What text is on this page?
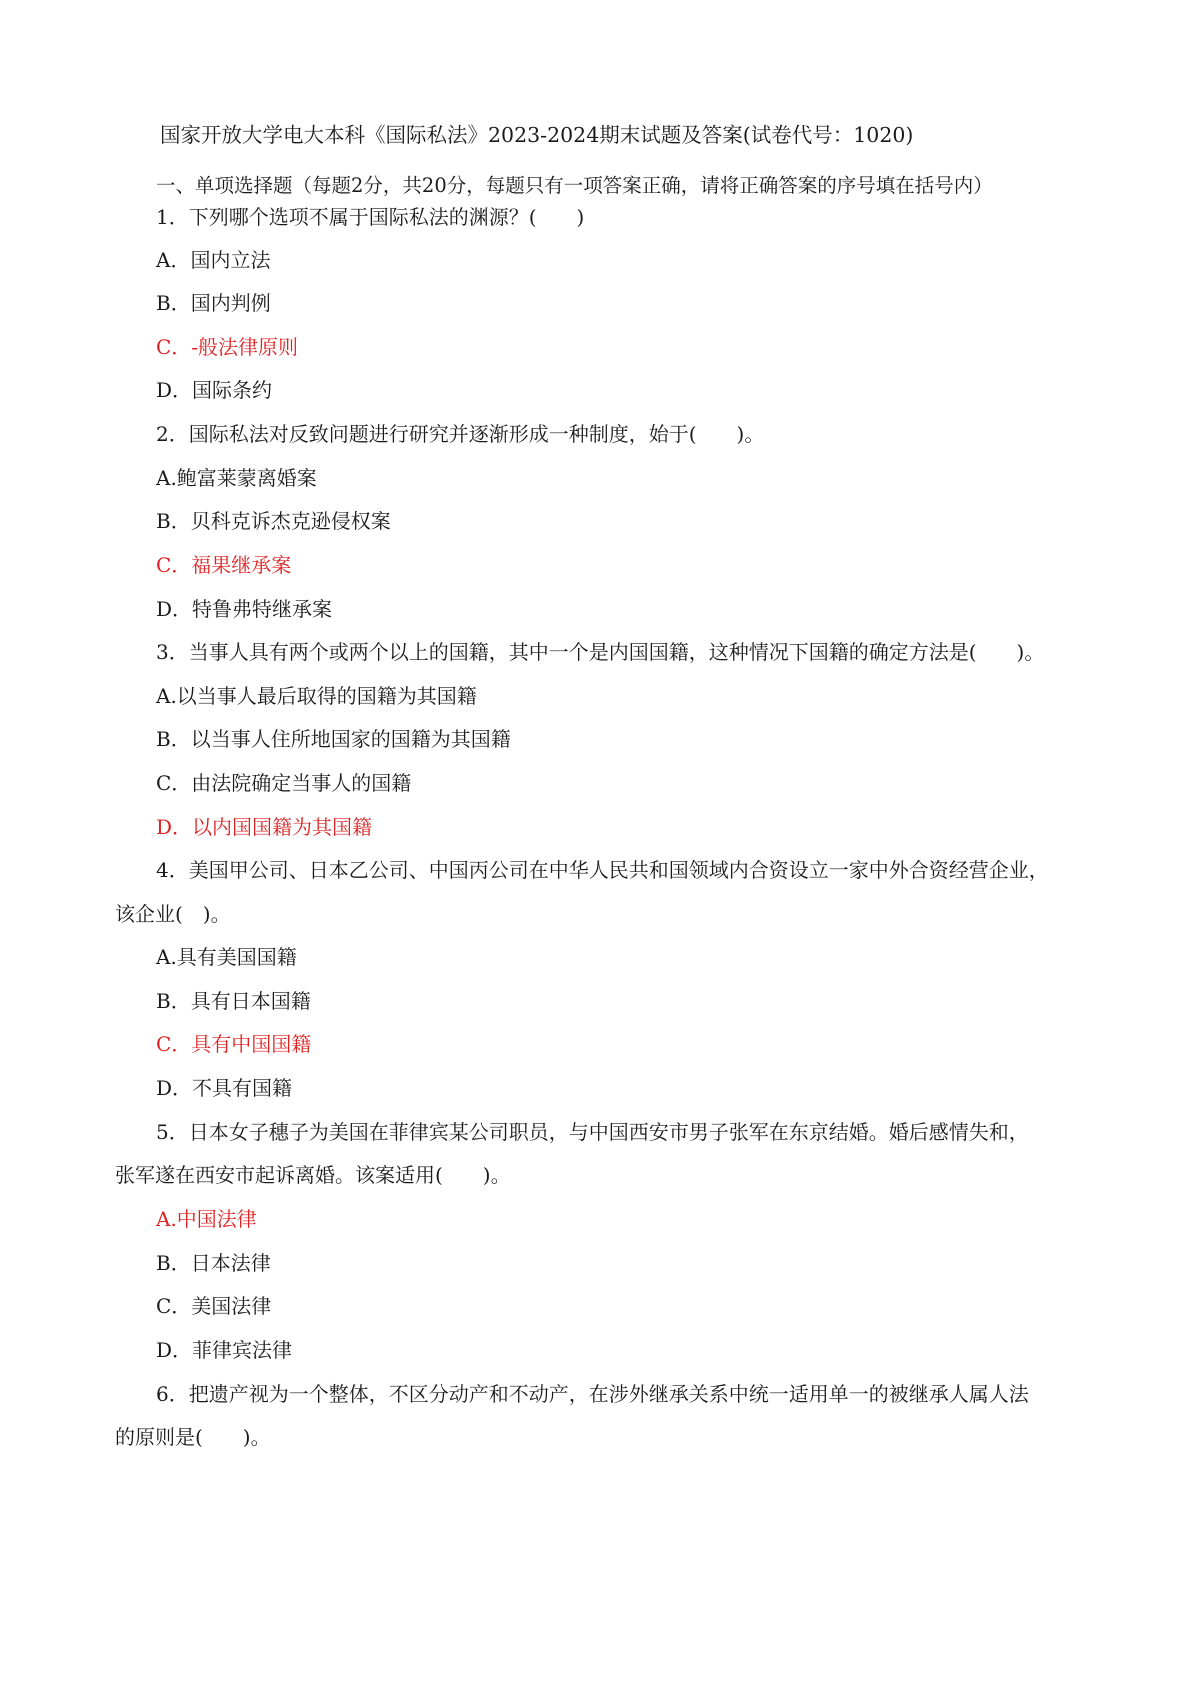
国家开放大学电大本科《国际私法》2023-2024期末试题及答案(试卷代号：1020)
一、单项选择题（每题2分，共20分，每题只有一项答案正确，请将正确答案的序号填在括号内）
1．下列哪个选项不属于国际私法的渊源？(　　)
A．国内立法
B．国内判例
C．-般法律原则
D．国际条约
2．国际私法对反致问题进行研究并逐渐形成一种制度，始于(　　)。
A.鲍富莱蒙离婚案
B．贝科克诉杰克逊侵权案
C．福果继承案
D．特鲁弗特继承案
3．当事人具有两个或两个以上的国籍，其中一个是内国国籍，这种情况下国籍的确定方法是(　　)。
A.以当事人最后取得的国籍为其国籍
B．以当事人住所地国家的国籍为其国籍
C．由法院确定当事人的国籍
D．以内国国籍为其国籍
4．美国甲公司、日本乙公司、中国丙公司在中华人民共和国领域内合资设立一家中外合资经营企业，
该企业(　)。
A.具有美国国籍
B．具有日本国籍
C．具有中国国籍
D．不具有国籍
5．日本女子穗子为美国在菲律宾某公司职员，与中国西安市男子张军在东京结婚。婚后感情失和，
张军遂在西安市起诉离婚。该案适用(　　)。
A.中国法律
B．日本法律
C．美国法律
D．菲律宾法律
6．把遗产视为一个整体，不区分动产和不动产，在涉外继承关系中统一适用单一的被继承人属人法
的原则是(　　)。
